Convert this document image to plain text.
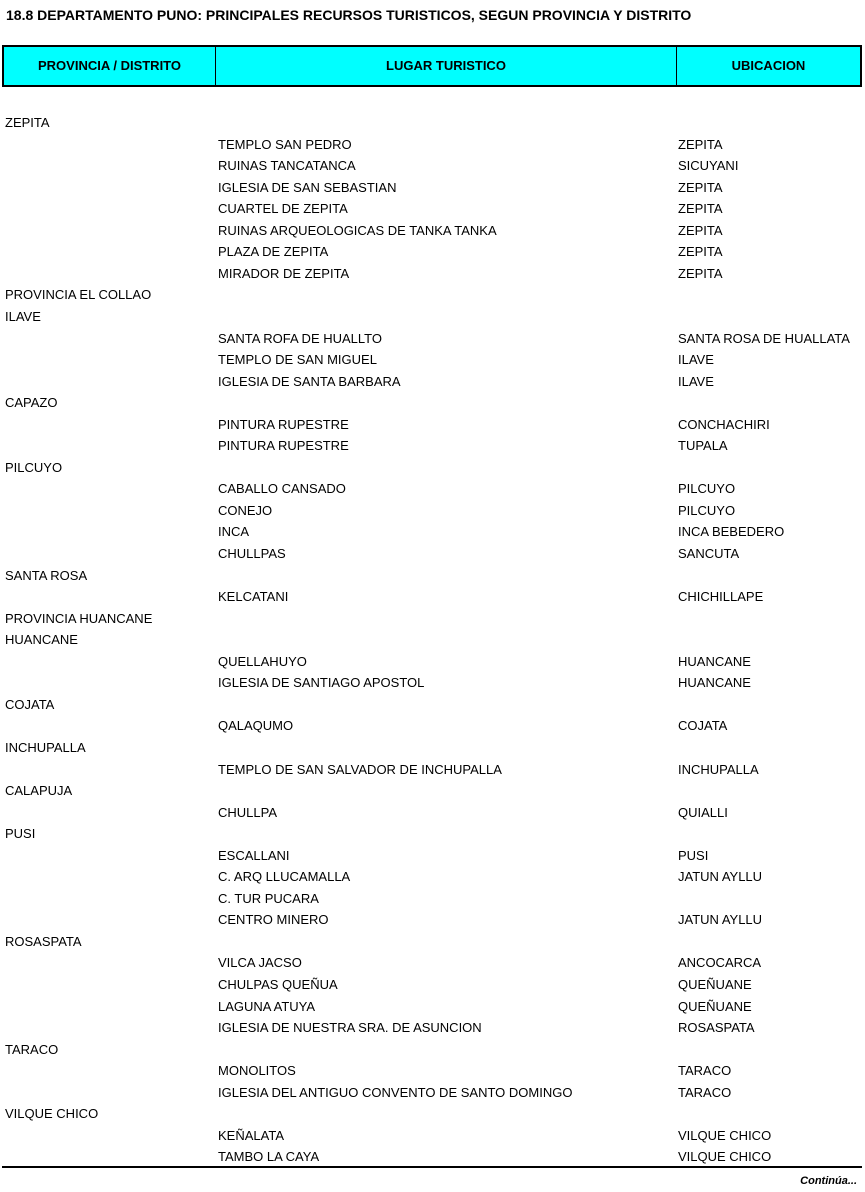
18.8 DEPARTAMENTO PUNO: PRINCIPALES RECURSOS TURISTICOS, SEGUN PROVINCIA Y DISTRITO
PROVINCIA / DISTRITO	LUGAR TURISTICO	UBICACION
ZEPITA
TEMPLO SAN PEDRO	ZEPITA
RUINAS TANCATANCA	SICUYANI
IGLESIA DE SAN SEBASTIAN	ZEPITA
CUARTEL DE ZEPITA	ZEPITA
RUINAS ARQUEOLOGICAS DE TANKA TANKA	ZEPITA
PLAZA DE ZEPITA	ZEPITA
MIRADOR DE ZEPITA	ZEPITA
PROVINCIA EL COLLAO
ILAVE
SANTA ROFA DE HUALLTO	SANTA ROSA DE HUALLATA
TEMPLO DE SAN MIGUEL	ILAVE
IGLESIA DE SANTA BARBARA	ILAVE
CAPAZO
PINTURA RUPESTRE	CONCHACHIRI
PINTURA RUPESTRE	TUPALA
PILCUYO
CABALLO CANSADO	PILCUYO
CONEJO	PILCUYO
INCA	INCA BEBEDERO
CHULLPAS	SANCUTA
SANTA ROSA
KELCATANI	CHICHILLAPE
PROVINCIA HUANCANE
HUANCANE
QUELLAHUYO	HUANCANE
IGLESIA DE SANTIAGO APOSTOL	HUANCANE
COJATA
QALAQUMO	COJATA
INCHUPALLA
TEMPLO DE SAN SALVADOR DE INCHUPALLA	INCHUPALLA
CALAPUJA
CHULLPA	QUIALLI
PUSI
ESCALLANI	PUSI
C. ARQ LLUCAMALLA	JATUN AYLLU
C. TUR PUCARA
CENTRO MINERO	JATUN AYLLU
ROSASPATA
VILCA JACSO	ANCOCARCA
CHULPAS QUEÑUA	QUEÑUANE
LAGUNA ATUYA	QUEÑUANE
IGLESIA DE NUESTRA SRA. DE ASUNCION	ROSASPATA
TARACO
MONOLITOS	TARACO
IGLESIA DEL ANTIGUO CONVENTO DE SANTO DOMINGO	TARACO
VILQUE CHICO
KEÑALATA	VILQUE CHICO
TAMBO LA CAYA	VILQUE CHICO
Continúa...
